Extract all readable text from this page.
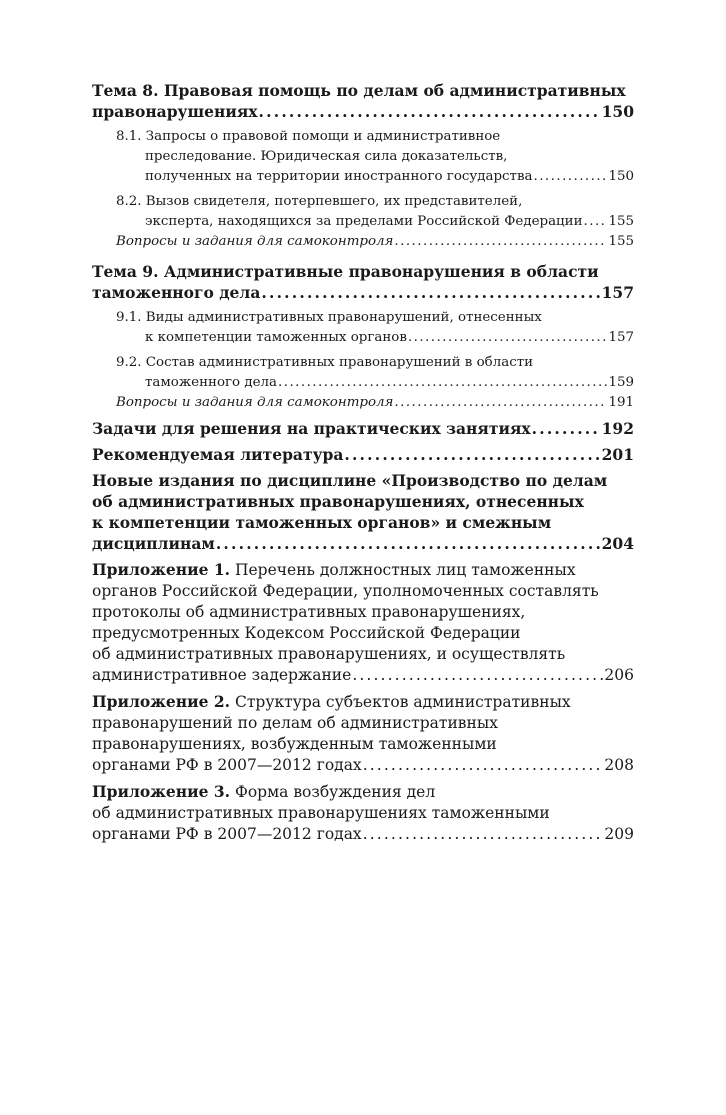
Тема 8. Правовая помощь по делам об административных
правонарушениях . . .	150
8.1. Запросы о правовой помощи и административное
преследование. Юридическая сила доказательств,
полученных на территории иностранного государства . . .	150
8.2. Вызов свидетеля, потерпевшего, их представителей,
эксперта, находящихся за пределами Российской Федерации . . . 155
Вопросы и задания для самоконтроля . . .	155
Тема 9. Административные правонарушения в области
таможенного дела . . .	157
9.1. Виды административных правонарушений, отнесенных
к компетенции таможенных органов . . .	157
9.2. Состав административных правонарушений в области
таможенного дела . . .	159
Вопросы и задания для самоконтроля . . .	191
Задачи для решения на практических занятиях . . .	192
Рекомендуемая литература . . .	201
Новые издания по дисциплине «Производство по делам
об административных правонарушениях, отнесенных
к компетенции таможенных органов» и смежным
дисциплинам . . .	204
Приложение 1. Перечень должностных лиц таможенных
органов Российской Федерации, уполномоченных составлять
протоколы об административных правонарушениях,
предусмотренных Кодексом Российской Федерации
об административных правонарушениях, и осуществлять
административное задержание . . .	206
Приложение 2. Структура субъектов административных
правонарушений по делам об административных
правонарушениях, возбужденным таможенными
органами РФ в 2007—2012 годах . . .	208
Приложение 3. Форма возбуждения дел
об административных правонарушениях таможенными
органами РФ в 2007—2012 годах . . .	209
